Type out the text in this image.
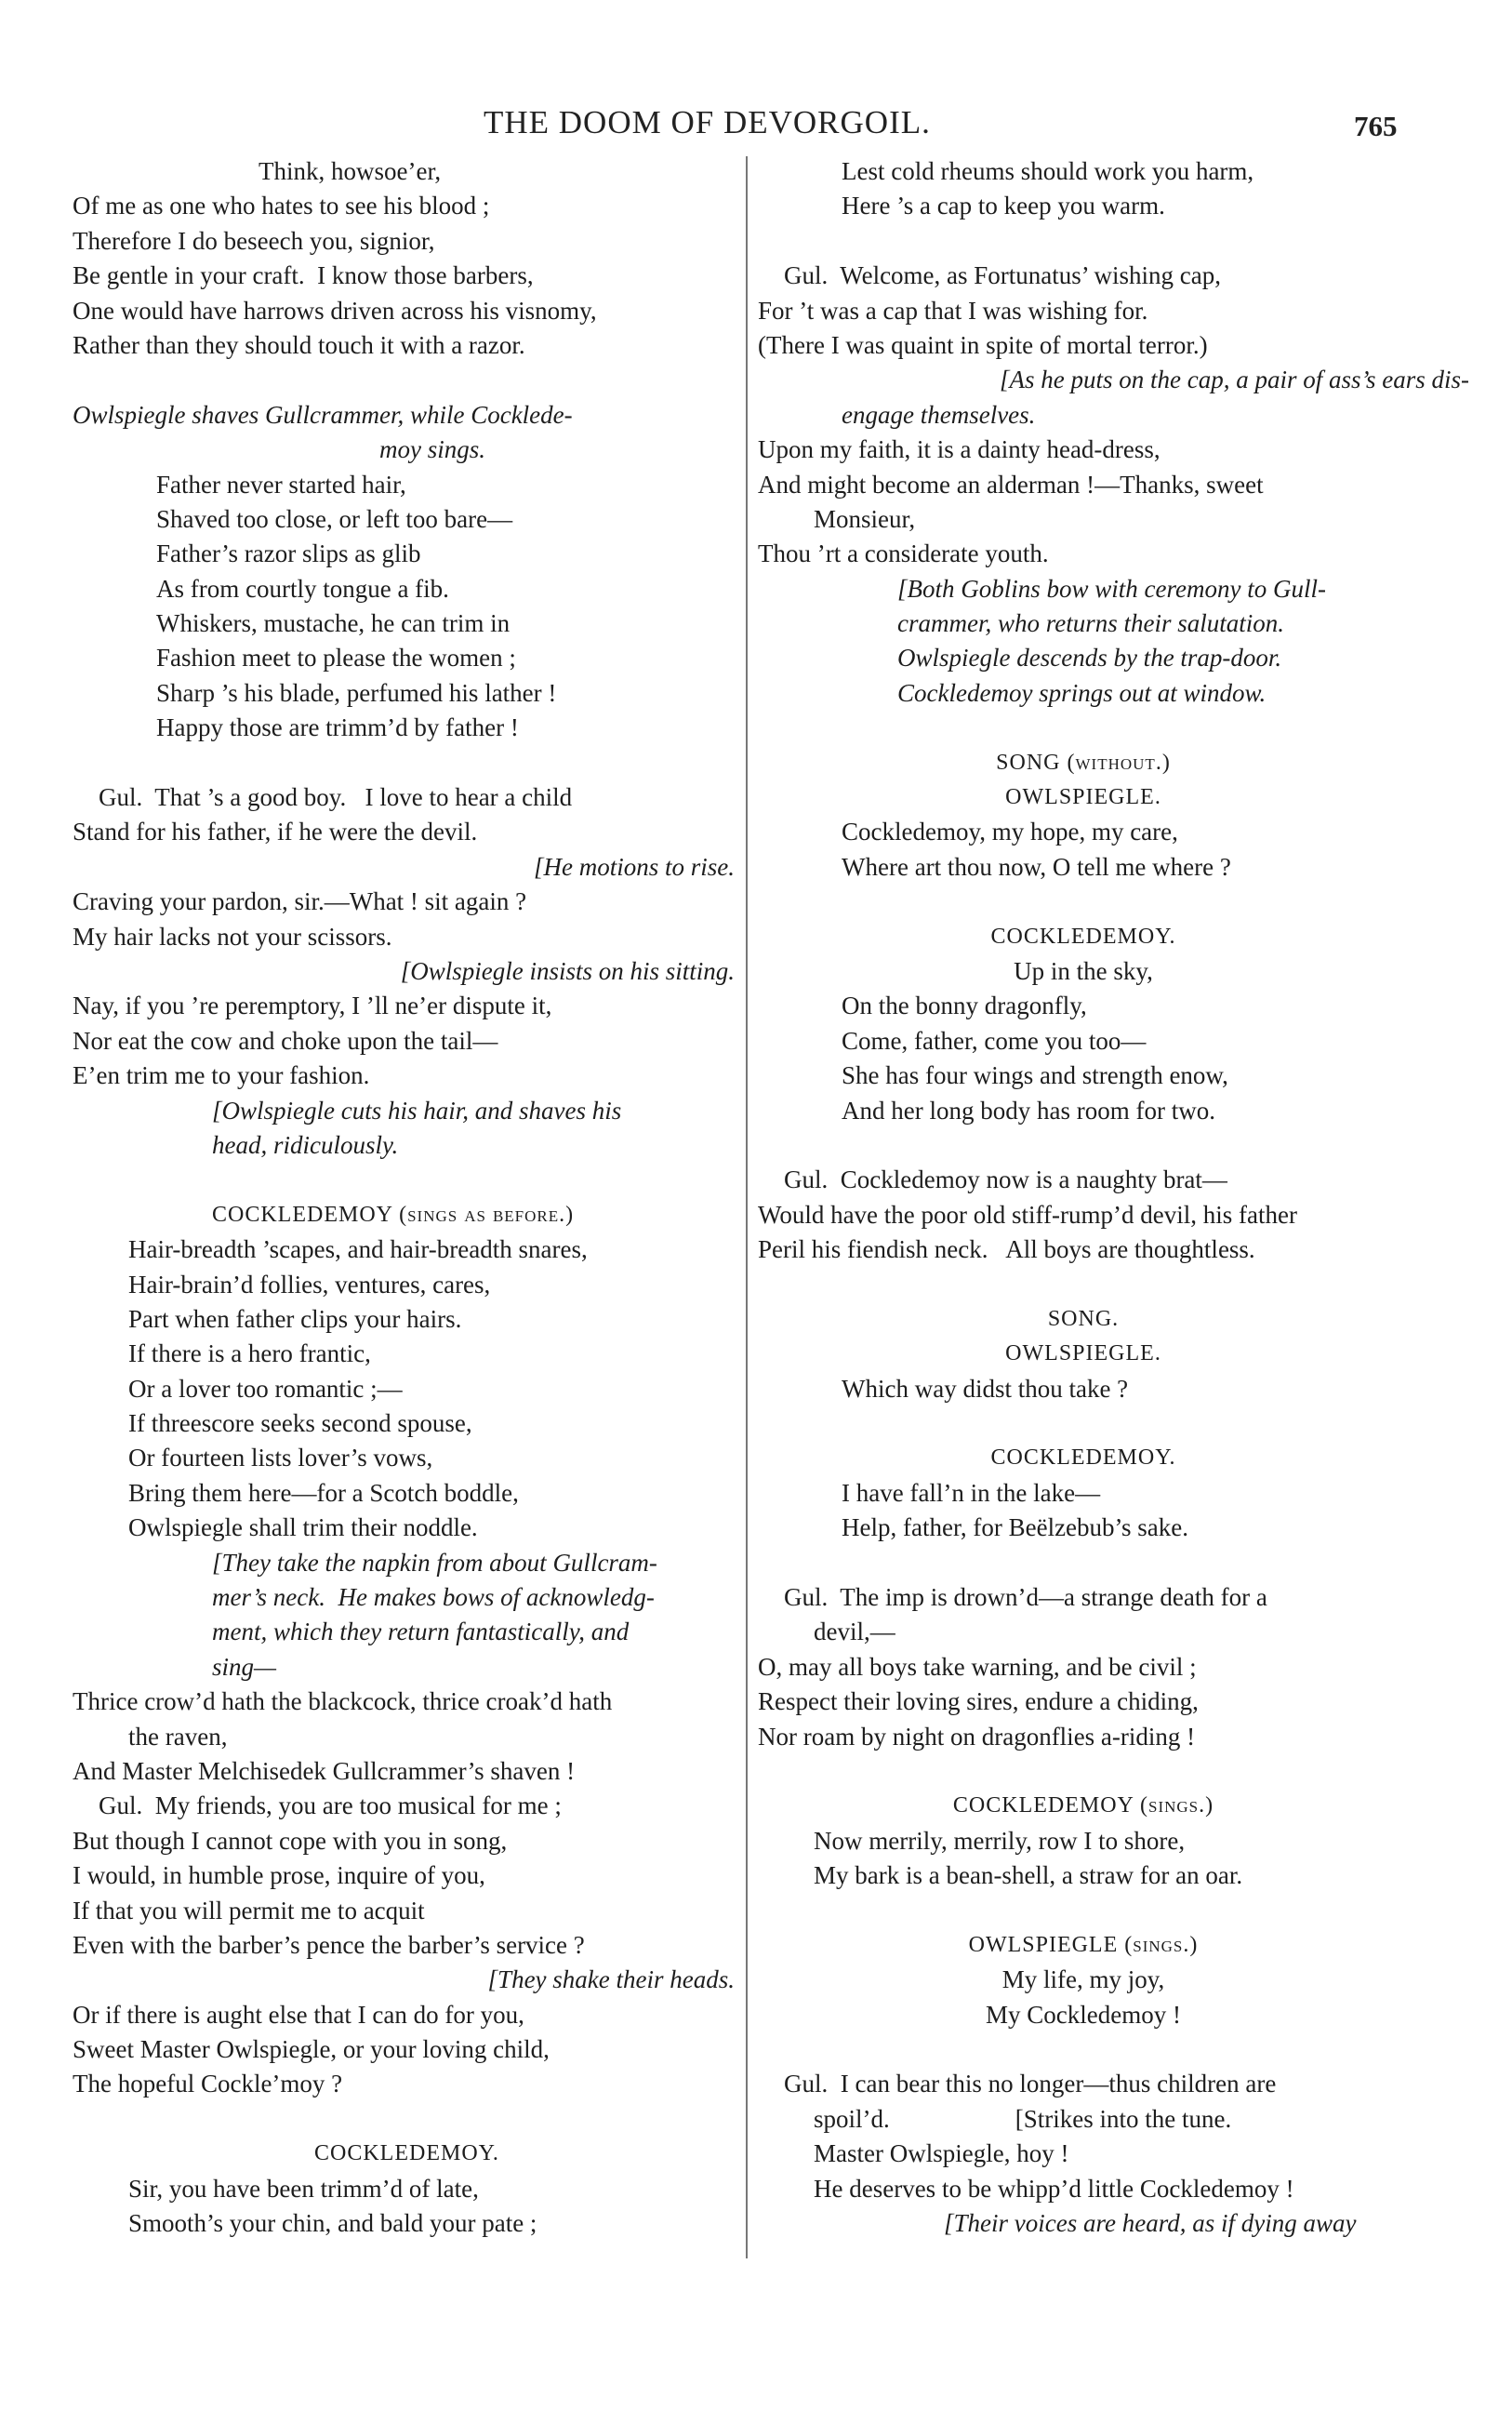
THE DOOM OF DEVORGOIL.	765
Think, howsoe’er,
Of me as one who hates to see his blood ;
Therefore I do beseech you, signior,
Be gentle in your craft.  I know those barbers,
One would have harrows driven across his visnomy,
Rather than they should touch it with a razor.
Owlspiegle shaves Gullcrammer, while Cocklede-
moy sings.
Father never started hair,
Shaved too close, or left too bare—
Father’s razor slips as glib
As from courtly tongue a fib.
Whiskers, mustache, he can trim in
Fashion meet to please the women ;
Sharp ’s his blade, perfumed his lather !
Happy those are trimm’d by father !
Gul.  That ’s a good boy.   I love to hear a child
Stand for his father, if he were the devil.
[He motions to rise.
Craving your pardon, sir.—What ! sit again ?
My hair lacks not your scissors.
[Owlspiegle insists on his sitting.
Nay, if you ’re peremptory, I ’ll ne’er dispute it,
Nor eat the cow and choke upon the tail—
E’en trim me to your fashion.
[Owlspiegle cuts his hair, and shaves his
head, ridiculously.
COCKLEDEMOY (sings as before.)
Hair-breadth ’scapes, and hair-breadth snares,
Hair-brain’d follies, ventures, cares,
Part when father clips your hairs.
If there is a hero frantic,
Or a lover too romantic ;—
If threescore seeks second spouse,
Or fourteen lists lover’s vows,
Bring them here—for a Scotch boddle,
Owlspiegle shall trim their noddle.
[They take the napkin from about Gullcram-
mer’s neck.  He makes bows of acknowledg-
ment, which they return fantastically, and
sing—
Thrice crow’d hath the blackcock, thrice croak’d hath
the raven,
And Master Melchisedek Gullcrammer’s shaven !
Gul.  My friends, you are too musical for me ;
But though I cannot cope with you in song,
I would, in humble prose, inquire of you,
If that you will permit me to acquit
Even with the barber’s pence the barber’s service ?
[They shake their heads.
Or if there is aught else that I can do for you,
Sweet Master Owlspiegle, or your loving child,
The hopeful Cockle’moy ?
COCKLEDEMOY.
Sir, you have been trimm’d of late,
Smooth’s your chin, and bald your pate ;
Lest cold rheums should work you harm,
Here ’s a cap to keep you warm.
Gul.  Welcome, as Fortunatus’ wishing cap,
For ’t was a cap that I was wishing for.
(There I was quaint in spite of mortal terror.)
[As he puts on the cap, a pair of ass’s ears dis-
engage themselves.
Upon my faith, it is a dainty head-dress,
And might become an alderman !—Thanks, sweet
Monsieur,
Thou ’rt a considerate youth.
[Both Goblins bow with ceremony to Gull-
crammer, who returns their salutation.
Owlspiegle descends by the trap-door.
Cockledemoy springs out at window.
SONG (without.)
OWLSPIEGLE.
Cockledemoy, my hope, my care,
Where art thou now, O tell me where ?
COCKLEDEMOY.
Up in the sky,
On the bonny dragonfly,
Come, father, come you too—
She has four wings and strength enow,
And her long body has room for two.
Gul.  Cockledemoy now is a naughty brat—
Would have the poor old stiff-rump’d devil, his father
Peril his fiendish neck.   All boys are thoughtless.
SONG.
OWLSPIEGLE.
Which way didst thou take ?
COCKLEDEMOY.
I have fall’n in the lake—
Help, father, for Beëlzebub’s sake.
Gul.  The imp is drown’d—a strange death for a
devil,—
O, may all boys take warning, and be civil ;
Respect their loving sires, endure a chiding,
Nor roam by night on dragonflies a-riding !
COCKLEDEMOY (sings.)
Now merrily, merrily, row I to shore,
My bark is a bean-shell, a straw for an oar.
OWLSPIEGLE (sings.)
My life, my joy,
My Cockledemoy !
Gul.  I can bear this no longer—thus children are
spoil’d.                    [Strikes into the tune.
Master Owlspiegle, hoy !
He deserves to be whipp’d little Cockledemoy !
[Their voices are heard, as if dying away
